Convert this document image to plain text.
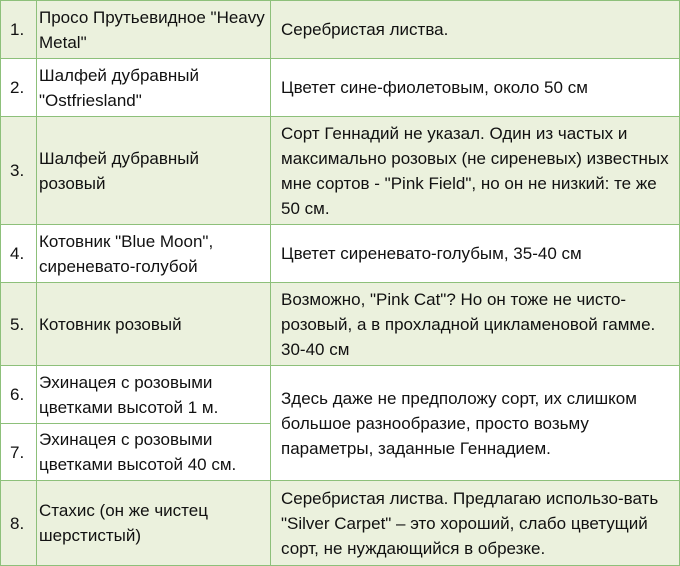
1.	Просо Прутьевидное "Heavy Metal"	Серебристая листва.

2.	Шалфей дубравный "Ostfriesland"	Цветет сине-фиолетовым, около 50 см

3.	Шалфей дубравный розовый	Сорт Геннадий не указал. Один из частых и максимально розовых (не сиреневых) известных мне сортов - "Pink Field", но он не низкий: те же 50 см.

4.	Котовник "Blue Moon", сиреневато-голубой	Цветет сиреневато-голубым, 35-40 см

5.	Котовник розовый	Возможно, "Pink Cat"? Но он тоже не чисто-розовый, а в прохладной цикламеновой гамме. 30-40 см

6.	Эхинацея с розовыми цветками высотой 1 м.	Здесь даже не предположу сорт, их слишком большое разнообразие, просто возьму параметры, заданные Геннадием.

7.	Эхинацея с розовыми цветками высотой 40 см.	

8.	Стахис (он же чистец шерстистый)	Серебристая листва. Предлагаю использо-вать "Silver Carpet" – это хороший, слабо цветущий сорт, не нуждающийся в обрезке.
